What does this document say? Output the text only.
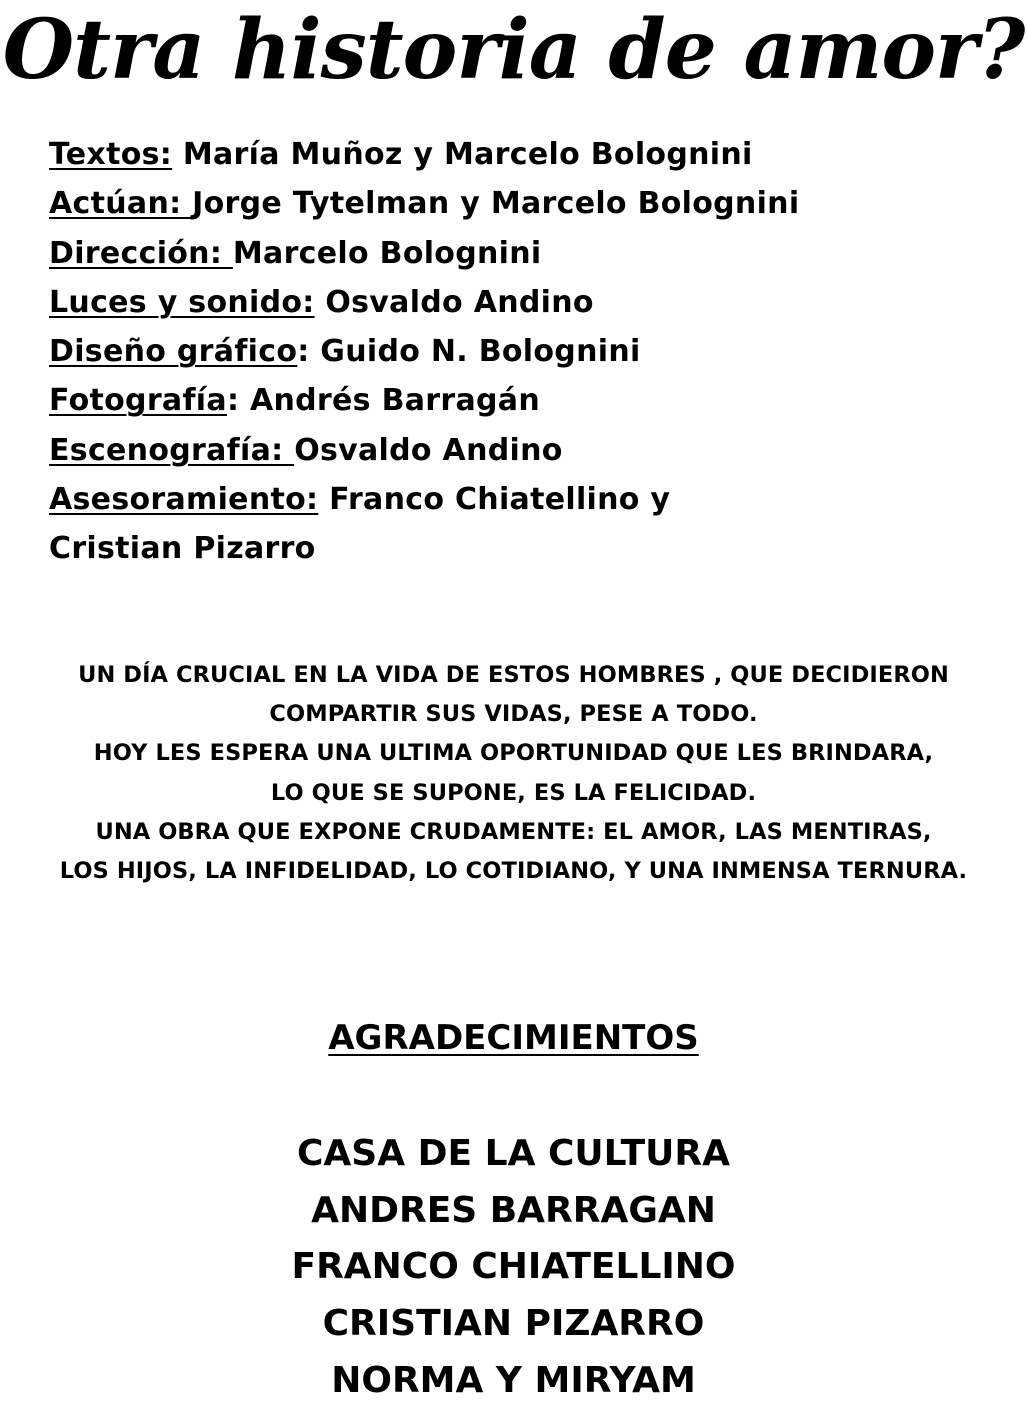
Otra historia de amor?
Textos: María Muñoz y Marcelo Bolognini
Actúan: Jorge Tytelman y Marcelo Bolognini
Dirección: Marcelo Bolognini
Luces y sonido: Osvaldo Andino
Diseño gráfico: Guido N. Bolognini
Fotografía: Andrés Barragán
Escenografía: Osvaldo Andino
Asesoramiento: Franco Chiatellino y
Cristian Pizarro
UN DÍA CRUCIAL EN LA VIDA DE ESTOS HOMBRES , QUE DECIDIERON
COMPARTIR SUS VIDAS, PESE A TODO.
HOY LES ESPERA UNA ULTIMA OPORTUNIDAD QUE LES BRINDARA,
LO QUE SE SUPONE, ES LA FELICIDAD.
UNA OBRA QUE EXPONE CRUDAMENTE: EL AMOR, LAS MENTIRAS,
LOS HIJOS, LA INFIDELIDAD, LO COTIDIANO, Y UNA INMENSA TERNURA.
AGRADECIMIENTOS
CASA DE LA CULTURA
ANDRES BARRAGAN
FRANCO CHIATELLINO
CRISTIAN PIZARRO
NORMA Y MIRYAM
